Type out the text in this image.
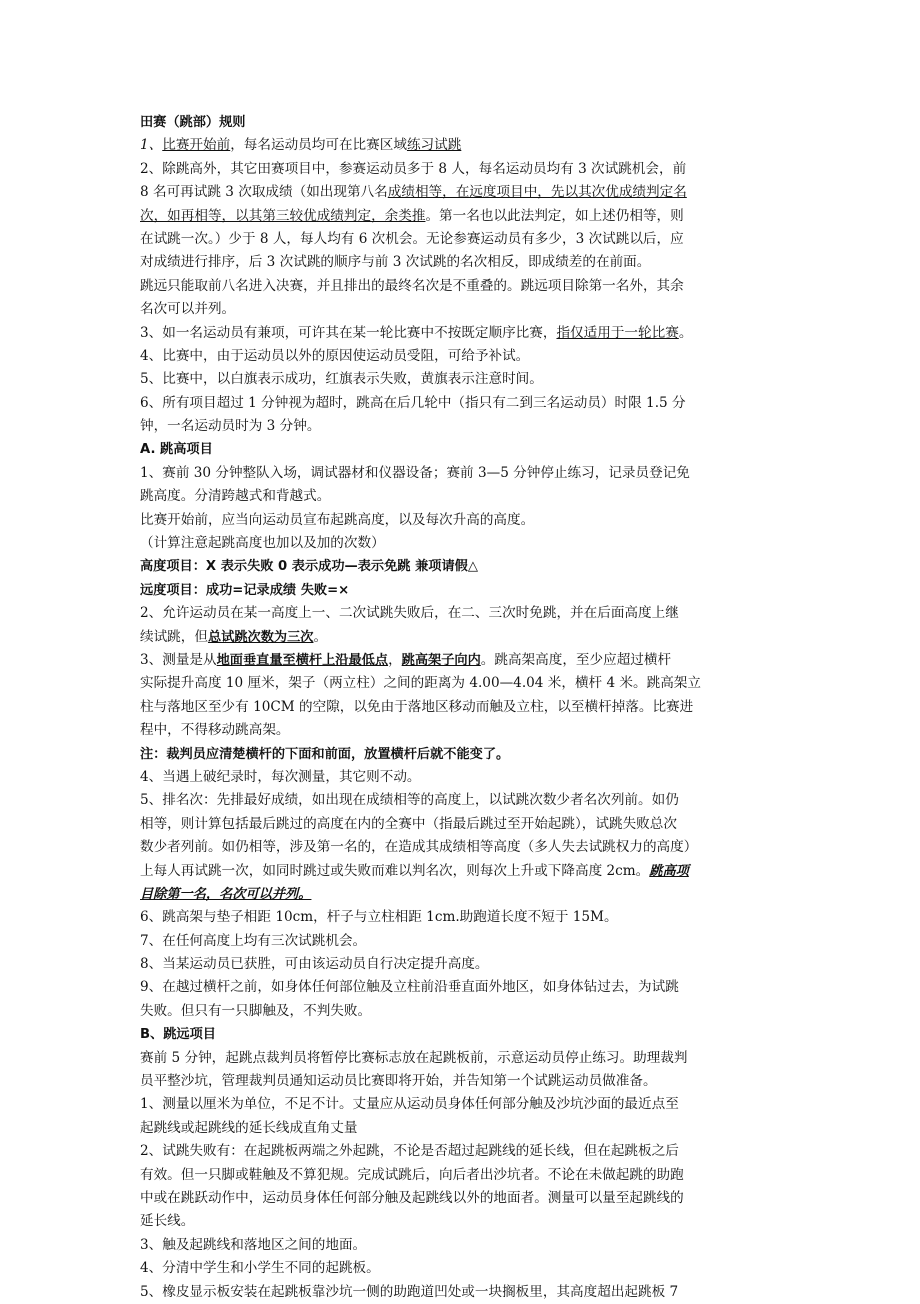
田赛（跳部）规则
1、比赛开始前，每名运动员均可在比赛区域练习试跳
2、除跳高外，其它田赛项目中，参赛运动员多于 8 人，每名运动员均有 3 次试跳机会，前
8 名可再试跳 3 次取成绩（如出现第八名成绩相等，在远度项目中，先以其次优成绩判定名
次，如再相等，以其第三较优成绩判定，余类推。第一名也以此法判定，如上述仍相等，则
在试跳一次。）少于 8 人，每人均有 6 次机会。无论参赛运动员有多少，3 次试跳以后，应
对成绩进行排序，后 3 次试跳的顺序与前 3 次试跳的名次相反，即成绩差的在前面。
跳远只能取前八名进入决赛，并且排出的最终名次是不重叠的。跳远项目除第一名外，其余
名次可以并列。
3、如一名运动员有兼项，可许其在某一轮比赛中不按既定顺序比赛，指仅适用于一轮比赛。
4、比赛中，由于运动员以外的原因使运动员受阻，可给予补试。
5、比赛中，以白旗表示成功，红旗表示失败，黄旗表示注意时间。
6、所有项目超过 1 分钟视为超时，跳高在后几轮中（指只有二到三名运动员）时限 1.5 分
钟，一名运动员时为 3 分钟。
A. 跳高项目
1、赛前 30 分钟整队入场，调试器材和仪器设备；赛前 3—5 分钟停止练习，记录员登记免
跳高度。分清跨越式和背越式。
比赛开始前，应当向运动员宣布起跳高度，以及每次升高的高度。
（计算注意起跳高度也加以及加的次数）
高度项目：X 表示失败 0 表示成功—表示免跳 兼项请假△
远度项目：成功=记录成绩 失败=×
2、允许运动员在某一高度上一、二次试跳失败后，在二、三次时免跳，并在后面高度上继
续试跳，但总试跳次数为三次。
3、测量是从地面垂直量至横杆上沿最低点，跳高架子向内。跳高架高度，至少应超过横杆
实际提升高度 10 厘米，架子（两立柱）之间的距离为 4.00—4.04 米，横杆 4 米。跳高架立
柱与落地区至少有 10CM 的空隙，以免由于落地区移动而触及立柱，以至横杆掉落。比赛进
程中，不得移动跳高架。
注：裁判员应清楚横杆的下面和前面，放置横杆后就不能变了。
4、当遇上破纪录时，每次测量，其它则不动。
5、排名次：先排最好成绩，如出现在成绩相等的高度上，以试跳次数少者名次列前。如仍
相等，则计算包括最后跳过的高度在内的全赛中（指最后跳过至开始起跳），试跳失败总次
数少者列前。如仍相等，涉及第一名的，在造成其成绩相等高度（多人失去试跳权力的高度）
上每人再试跳一次，如同时跳过或失败而难以判名次，则每次上升或下降高度 2cm。跳高项
目除第一名，名次可以并列。
6、跳高架与垫子相距 10cm，杆子与立柱相距 1cm.助跑道长度不短于 15M。
7、在任何高度上均有三次试跳机会。
8、当某运动员已获胜，可由该运动员自行决定提升高度。
9、在越过横杆之前，如身体任何部位触及立柱前沿垂直面外地区，如身体钻过去，为试跳
失败。但只有一只脚触及，不判失败。
B、跳远项目
赛前 5 分钟，起跳点裁判员将暂停比赛标志放在起跳板前，示意运动员停止练习。助理裁判
员平整沙坑，管理裁判员通知运动员比赛即将开始，并告知第一个试跳运动员做准备。
1、测量以厘米为单位，不足不计。丈量应从运动员身体任何部分触及沙坑沙面的最近点至
起跳线或起跳线的延长线成直角丈量
2、试跳失败有：在起跳板两端之外起跳，不论是否超过起跳线的延长线，但在起跳板之后
有效。但一只脚或鞋触及不算犯规。完成试跳后，向后者出沙坑者。不论在未做起跳的助跑
中或在跳跃动作中，运动员身体任何部分触及起跳线以外的地面者。测量可以量至起跳线的
延长线。
3、触及起跳线和落地区之间的地面。
4、分清中学生和小学生不同的起跳板。
5、橡皮显示板安装在起跳板靠沙坑一侧的助跑道凹处或一块搁板里，其高度超出起跳板 7
